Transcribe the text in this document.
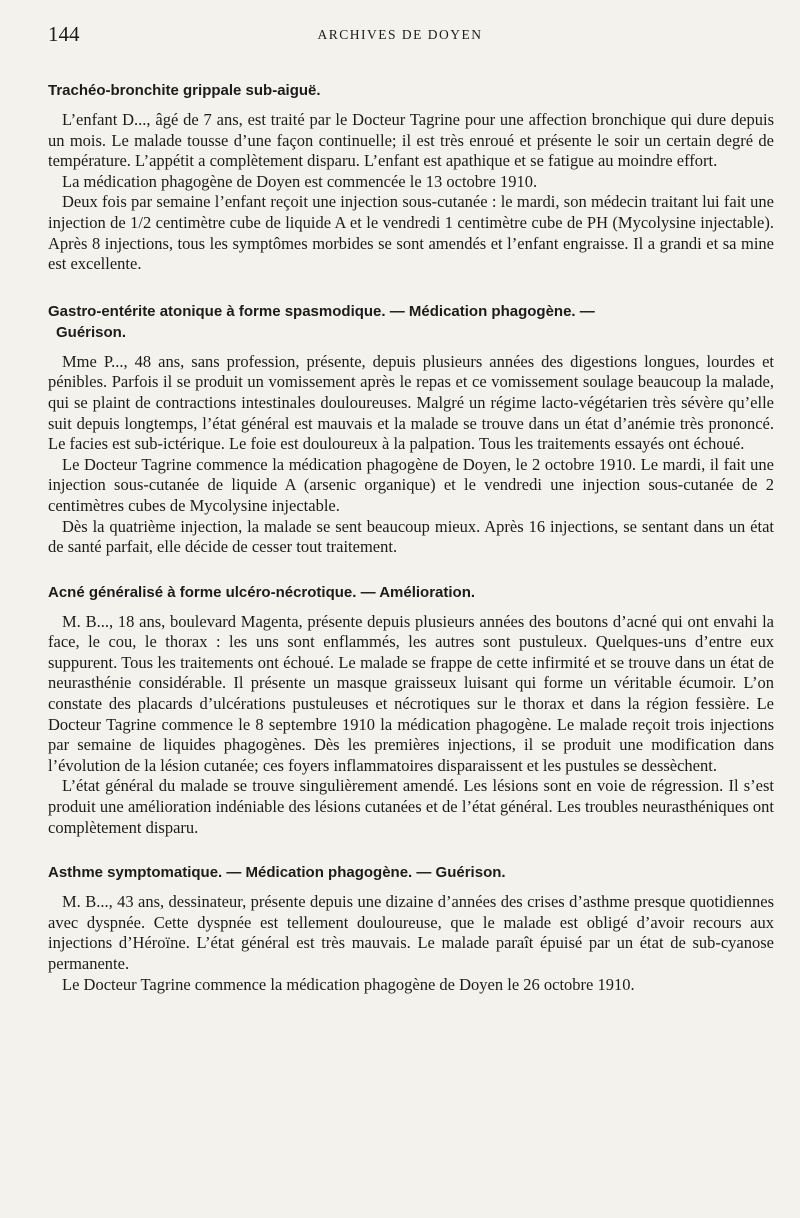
144	ARCHIVES DE DOYEN
Trachéo-bronchite grippale sub-aiguë.

L’enfant D..., âgé de 7 ans, est traité par le Docteur Tagrine pour une affection bronchique qui dure depuis un mois. Le malade tousse d’une façon continuelle; il est très enroué et présente le soir un certain degré de température. L’appétit a complètement disparu. L’enfant est apathique et se fatigue au moindre effort.

La médication phagogène de Doyen est commencée le 13 octobre 1910.

Deux fois par semaine l’enfant reçoit une injection sous-cutanée : le mardi, son médecin traitant lui fait une injection de 1/2 centimètre cube de liquide A et le vendredi 1 centimètre cube de PH (Mycolysine injectable). Après 8 injections, tous les symptômes morbides se sont amendés et l’enfant engraisse. Il a grandi et sa mine est excellente.

Gastro-entérite atonique à forme spasmodique. — Médication phagogène. —
Guérison.

Mme P..., 48 ans, sans profession, présente, depuis plusieurs années des digestions longues, lourdes et pénibles. Parfois il se produit un vomissement après le repas et ce vomissement soulage beaucoup la malade, qui se plaint de contractions intestinales douloureuses. Malgré un régime lacto-végétarien très sévère qu’elle suit depuis longtemps, l’état général est mauvais et la malade se trouve dans un état d’anémie très prononcé. Le facies est sub-ictérique. Le foie est douloureux à la palpation. Tous les traitements essayés ont échoué.

Le Docteur Tagrine commence la médication phagogène de Doyen, le 2 octobre 1910. Le mardi, il fait une injection sous-cutanée de liquide A (arsenic organique) et le vendredi une injection sous-cutanée de 2 centimètres cubes de Mycolysine injectable.

Dès la quatrième injection, la malade se sent beaucoup mieux. Après 16 injections, se sentant dans un état de santé parfait, elle décide de cesser tout traitement.

Acné généralisé à forme ulcéro-nécrotique. — Amélioration.

M. B..., 18 ans, boulevard Magenta, présente depuis plusieurs années des boutons d’acné qui ont envahi la face, le cou, le thorax : les uns sont enflammés, les autres sont pustuleux. Quelques-uns d’entre eux suppurent. Tous les traitements ont échoué. Le malade se frappe de cette infirmité et se trouve dans un état de neurasthénie considérable. Il présente un masque graisseux luisant qui forme un véritable écumoir. L’on constate des placards d’ulcérations pustuleuses et nécrotiques sur le thorax et dans la région fessière. Le Docteur Tagrine commence le 8 septembre 1910 la médication phagogène. Le malade reçoit trois injections par semaine de liquides phagogènes. Dès les premières injections, il se produit une modification dans l’évolution de la lésion cutanée; ces foyers inflammatoires disparaissent et les pustules se dessèchent.

L’état général du malade se trouve singulièrement amendé. Les lésions sont en voie de régression. Il s’est produit une amélioration indéniable des lésions cutanées et de l’état général. Les troubles neurasthéniques ont complètement disparu.

Asthme symptomatique. — Médication phagogène. — Guérison.

M. B..., 43 ans, dessinateur, présente depuis une dizaine d’années des crises d’asthme presque quotidiennes avec dyspnée. Cette dyspnée est tellement douloureuse, que le malade est obligé d’avoir recours aux injections d’Héroïne. L’état général est très mauvais. Le malade paraît épuisé par un état de sub-cyanose permanente.

Le Docteur Tagrine commence la médication phagogène de Doyen le 26 octobre 1910.
